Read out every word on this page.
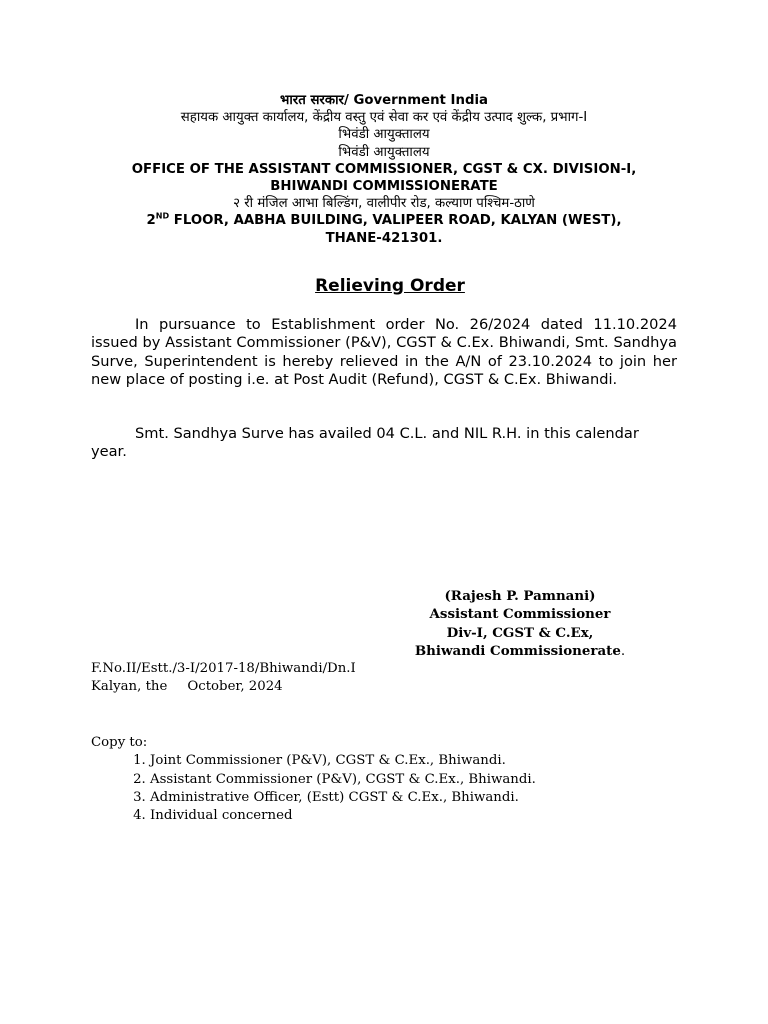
भारत सरकार/ Government India
सहायक आयुक्त कार्यालय, केंद्रीय वस्तु एवं सेवा कर एवं केंद्रीय उत्पाद शुल्क, प्रभाग-I
भिवंडी आयुक्तालय
भिवंडी आयुक्तालय
OFFICE OF THE ASSISTANT COMMISSIONER, CGST & CX. DIVISION-I,
BHIWANDI COMMISSIONERATE
२ री मंजिल आभा बिल्डिंग, वालीपीर रोड, कल्याण पश्चिम-ठाणे
2ND FLOOR, AABHA BUILDING, VALIPEER ROAD, KALYAN (WEST),
THANE-421301.
Relieving Order
In pursuance to Establishment order No. 26/2024 dated 11.10.2024 issued by Assistant Commissioner (P&V), CGST & C.Ex. Bhiwandi, Smt. Sandhya Surve, Superintendent is hereby relieved in the A/N of 23.10.2024 to join her new place of posting i.e. at Post Audit (Refund), CGST & C.Ex. Bhiwandi.
Smt. Sandhya Surve has availed 04 C.L. and NIL R.H. in this calendar year.
(Rajesh P. Pamnani)
Assistant Commissioner
Div-I, CGST & C.Ex,
Bhiwandi Commissionerate.
F.No.II/Estt./3-I/2017-18/Bhiwandi/Dn.I
Kalyan, the October, 2024
Copy to:
1. Joint Commissioner (P&V), CGST & C.Ex., Bhiwandi.
2. Assistant Commissioner (P&V), CGST & C.Ex., Bhiwandi.
3. Administrative Officer, (Estt) CGST & C.Ex., Bhiwandi.
4. Individual concerned
